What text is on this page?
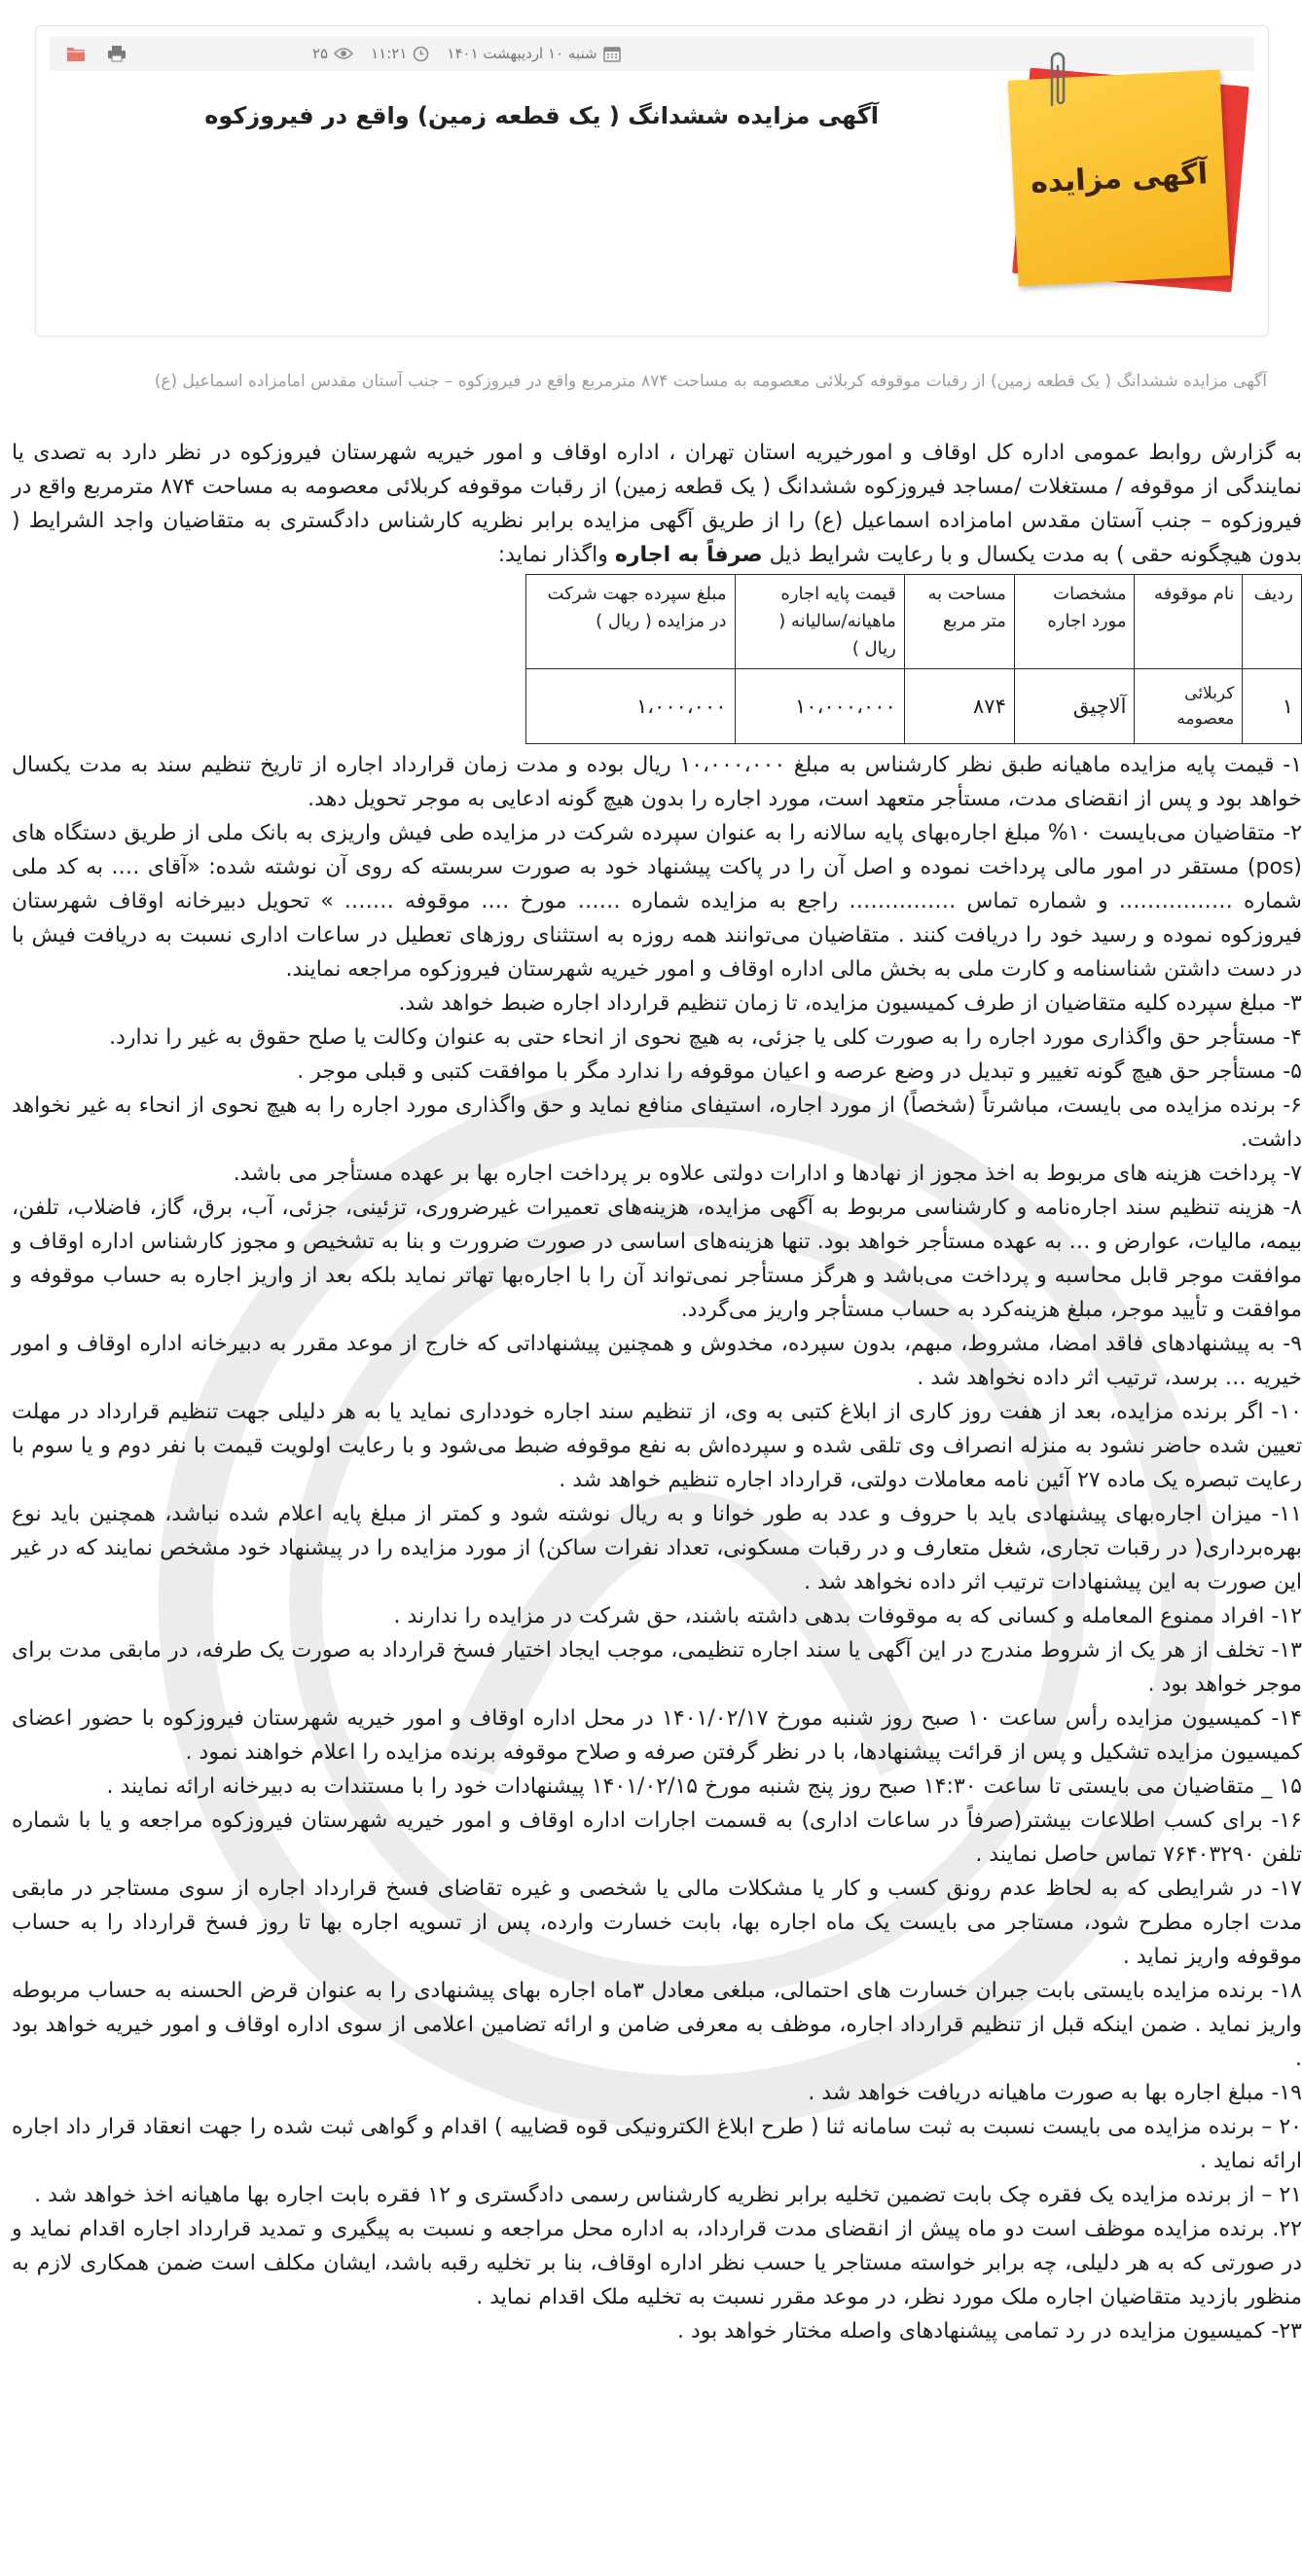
شنبه ۱۰ اردیبهشت ۱۴۰۱
۱۱:۲۱
۲۵
آگهی مزایده ششدانگ ( یک قطعه زمین) واقع در فیروزکوه
آگهی مزایده
آگهی مزایده ششدانگ ( یک قطعه زمین) از رقبات موقوفه کربلائی معصومه به مساحت ۸۷۴ مترمربع واقع در فیروزکوه – جنب آستان مقدس امامزاده اسماعیل (ع)

به گزارش روابط عمومی اداره کل اوقاف و امورخیریه استان تهران ، اداره اوقاف و امور خیریه شهرستان فیروزکوه در نظر دارد به تصدی یا نمایندگی از موقوفه / مستغلات /مساجد فیروزکوه ششدانگ ( یک قطعه زمین) از رقبات موقوفه کربلائی معصومه به مساحت ۸۷۴ مترمربع واقع در فیروزکوه – جنب آستان مقدس امامزاده اسماعیل (ع) را از طریق آگهی مزایده برابر نظریه کارشناس دادگستری به متقاضیان واجد الشرایط ( بدون هیچگونه حقی ) به مدت یکسال و با رعایت شرایط ذیل صرفاً به اجاره واگذار نماید:

ردیف	نام موقوفه	مشخصات مورد اجاره	مساحت به متر مربع	قیمت پایه اجاره ماهیانه/سالیانه ( ریال )	مبلغ سپرده جهت شرکت در مزایده ( ریال )
۱	کربلائی معصومه	آلاچیق	۸۷۴	۱۰،۰۰۰،۰۰۰	۱،۰۰۰،۰۰۰

۱- قیمت پایه مزایده ماهیانه طبق نظر کارشناس به مبلغ ۱۰،۰۰۰،۰۰۰ ریال بوده و مدت زمان قرارداد اجاره از تاریخ تنظیم سند به مدت یکسال خواهد بود و پس از انقضای مدت، مستأجر متعهد است، مورد اجاره را بدون هیچ گونه ادعایی به موجر تحویل دهد.

۲- متقاضیان می‌بایست ۱۰% مبلغ اجاره‌بهای پایه سالانه را به عنوان سپرده شرکت در مزایده طی فیش واریزی به بانک ملی از طریق دستگاه های (pos) مستقر در امور مالی پرداخت نموده و اصل آن را در پاکت پیشنهاد خود به صورت سربسته که روی آن نوشته شده: «آقای …. به کد ملی شماره ……………. و شماره تماس …………… راجع به مزایده شماره …… مورخ …. موقوفه ……. » تحویل دبیرخانه اوقاف شهرستان فیروزکوه نموده و رسید خود را دریافت کنند . متقاضیان می‌توانند همه روزه به استثنای روزهای تعطیل در ساعات اداری نسبت به دریافت فیش با در دست داشتن شناسنامه و کارت ملی به بخش مالی اداره اوقاف و امور خیریه شهرستان فیروزکوه مراجعه نمایند.

۳- مبلغ سپرده کلیه متقاضیان از طرف کمیسیون مزایده، تا زمان تنظیم قرارداد اجاره ضبط خواهد شد.

۴- مستأجر حق واگذاری مورد اجاره را به صورت کلی یا جزئی، به هیچ نحوی از انحاء حتی به عنوان وکالت یا صلح حقوق به غیر را ندارد.

۵- مستأجر حق هیچ گونه تغییر و تبدیل در وضع عرصه و اعیان موقوفه را ندارد مگر با موافقت کتبی و قبلی موجر .

۶- برنده مزایده می بایست، مباشرتاً (شخصاً) از مورد اجاره، استیفای منافع نماید و حق واگذاری مورد اجاره را به هیچ نحوی از انحاء به غیر نخواهد داشت.

۷- پرداخت هزینه های مربوط به اخذ مجوز از نهادها و ادارات دولتی علاوه بر پرداخت اجاره بها بر عهده مستأجر می باشد.

۸- هزینه تنظیم سند اجاره‌نامه و کارشناسی مربوط به آگهی مزایده، هزینه‌های تعمیرات غیرضروری، تزئینی، جزئی، آب، برق، گاز، فاضلاب، تلفن، بیمه، مالیات، عوارض و … به عهده مستأجر خواهد بود. تنها هزینه‌های اساسی در صورت ضرورت و بنا به تشخیص و مجوز کارشناس اداره اوقاف و موافقت موجر قابل محاسبه و پرداخت می‌باشد و هرگز مستأجر نمی‌تواند آن را با اجاره‌بها تهاتر نماید بلکه بعد از واریز اجاره به حساب موقوفه و موافقت و تأیید موجر، مبلغ هزینه‌کرد به حساب مستأجر واریز می‌گردد.

۹- به پیشنهادهای فاقد امضا، مشروط، مبهم، بدون سپرده، مخدوش و همچنین پیشنهاداتی که خارج از موعد مقرر به دبیرخانه اداره اوقاف و امور خیریه … برسد، ترتیب اثر داده نخواهد شد .

۱۰- اگر برنده مزایده، بعد از هفت روز کاری از ابلاغ کتبی به وی، از تنظیم سند اجاره خودداری نماید یا به هر دلیلی جهت تنظیم قرارداد در مهلت تعیین شده حاضر نشود به منزله انصراف وی تلقی شده و سپرده‌اش به نفع موقوفه ضبط می‌شود و با رعایت اولویت قیمت با نفر دوم و یا سوم با رعایت تبصره یک ماده ۲۷ آئین نامه معاملات دولتی، قرارداد اجاره تنظیم خواهد شد .

۱۱- میزان اجاره‌بهای پیشنهادی باید با حروف و عدد به طور خوانا و به ریال نوشته شود و کمتر از مبلغ پایه اعلام شده نباشد، همچنین باید نوع بهره‌برداری( در رقبات تجاری، شغل متعارف و در رقبات مسکونی، تعداد نفرات ساکن) از مورد مزایده را در پیشنهاد خود مشخص نمایند که در غیر این صورت به این پیشنهادات ترتیب اثر داده نخواهد شد .

۱۲- افراد ممنوع المعامله و کسانی که به موقوفات بدهی داشته باشند، حق شرکت در مزایده را ندارند .

۱۳- تخلف از هر یک از شروط مندرج در این آگهی یا سند اجاره تنظیمی، موجب ایجاد اختیار فسخ قرارداد به صورت یک طرفه، در مابقی مدت برای موجر خواهد بود .

۱۴- کمیسیون مزایده رأس ساعت ۱۰ صبح روز شنبه مورخ ۱۴۰۱/۰۲/۱۷ در محل اداره اوقاف و امور خیریه شهرستان فیروزکوه با حضور اعضای کمیسیون مزایده تشکیل و پس از قرائت پیشنهادها، با در نظر گرفتن صرفه و صلاح موقوفه برنده مزایده را اعلام خواهند نمود .

۱۵ _ متقاضیان می بایستی تا ساعت ۱۴:۳۰ صبح روز پنج شنبه مورخ ۱۴۰۱/۰۲/۱۵ پیشنهادات خود را با مستندات به دبیرخانه ارائه نمایند .

۱۶- برای کسب اطلاعات بیشتر(صرفاً در ساعات اداری) به قسمت اجارات اداره اوقاف و امور خیریه شهرستان فیروزکوه مراجعه و یا با شماره تلفن ۷۶۴۰۳۲۹۰ تماس حاصل نمایند .

۱۷- در شرایطی که به لحاظ عدم رونق کسب و کار یا مشکلات مالی یا شخصی و غیره تقاضای فسخ قرارداد اجاره از سوی مستاجر در مابقی مدت اجاره مطرح شود، مستاجر می بایست یک ماه اجاره بها، بابت خسارت وارده، پس از تسویه اجاره بها تا روز فسخ قرارداد را به حساب موقوفه واریز نماید .

۱۸- برنده مزایده بایستی بابت جبران خسارت های احتمالی، مبلغی معادل ۳ماه اجاره بهای پیشنهادی را به عنوان قرض الحسنه به حساب مربوطه واریز نماید . ضمن اینکه قبل از تنظیم قرارداد اجاره، موظف به معرفی ضامن و ارائه تضامین اعلامی از سوی اداره اوقاف و امور خیریه خواهد بود .

۱۹- مبلغ اجاره بها به صورت ماهیانه دریافت خواهد شد .

۲۰ – برنده مزایده می بایست نسبت به ثبت سامانه ثنا ( طرح ابلاغ الکترونیکی قوه قضاییه ) اقدام و گواهی ثبت شده را جهت انعقاد قرار داد اجاره ارائه نماید .

۲۱ – از برنده مزایده یک فقره چک بابت تضمین تخلیه برابر نظریه کارشناس رسمی دادگستری و ۱۲ فقره بابت اجاره بها ماهیانه اخذ خواهد شد .

۲۲. برنده مزایده موظف است دو ماه پیش از انقضای مدت قرارداد، به اداره محل مراجعه و نسبت به پیگیری و تمدید قرارداد اجاره اقدام نماید و در صورتی که به هر دلیلی، چه برابر خواسته مستاجر یا حسب نظر اداره اوقاف، بنا بر تخلیه رقبه باشد، ایشان مکلف است ضمن همکاری لازم به منظور بازدید متقاضیان اجاره ملک مورد نظر، در موعد مقرر نسبت به تخلیه ملک اقدام نماید .

۲۳- کمیسیون مزایده در رد تمامی پیشنهادهای واصله مختار خواهد بود .
